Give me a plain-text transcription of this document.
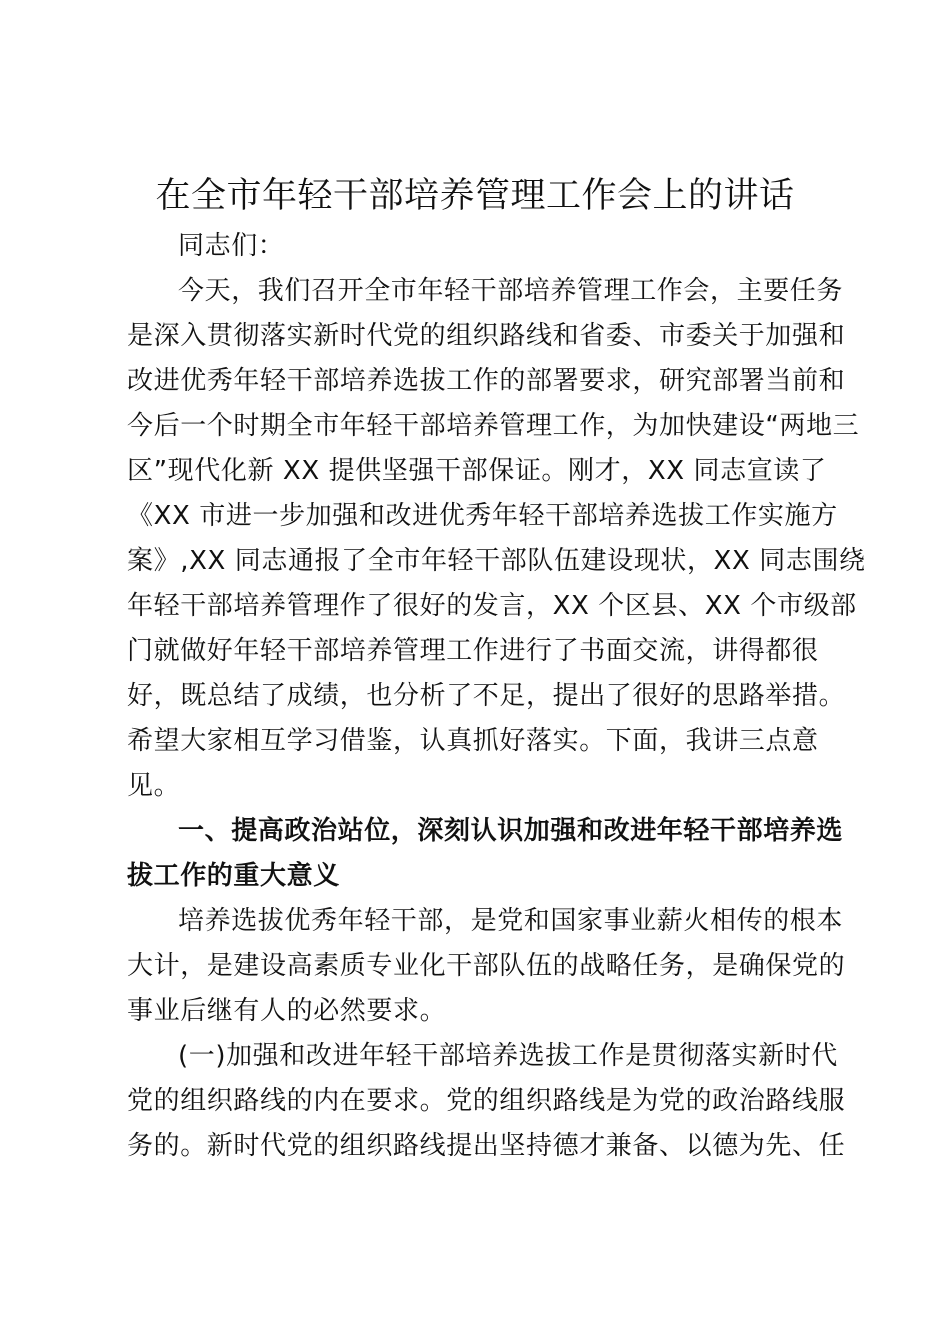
在全市年轻干部培养管理工作会上的讲话
同志们：
今天，我们召开全市年轻干部培养管理工作会，主要任务
是深入贯彻落实新时代党的组织路线和省委、市委关于加强和
改进优秀年轻干部培养选拔工作的部署要求，研究部署当前和
今后一个时期全市年轻干部培养管理工作，为加快建设“两地三
区”现代化新 XX 提供坚强干部保证。刚才，XX 同志宣读了
《XX 市进一步加强和改进优秀年轻干部培养选拔工作实施方
案》,XX 同志通报了全市年轻干部队伍建设现状，XX 同志围绕
年轻干部培养管理作了很好的发言，XX 个区县、XX 个市级部
门就做好年轻干部培养管理工作进行了书面交流，讲得都很
好，既总结了成绩，也分析了不足，提出了很好的思路举措。
希望大家相互学习借鉴，认真抓好落实。下面，我讲三点意
见。
一、提高政治站位，深刻认识加强和改进年轻干部培养选
拔工作的重大意义
培养选拔优秀年轻干部，是党和国家事业薪火相传的根本
大计，是建设高素质专业化干部队伍的战略任务，是确保党的
事业后继有人的必然要求。
(一)加强和改进年轻干部培养选拔工作是贯彻落实新时代
党的组织路线的内在要求。党的组织路线是为党的政治路线服
务的。新时代党的组织路线提出坚持德才兼备、以德为先、任
